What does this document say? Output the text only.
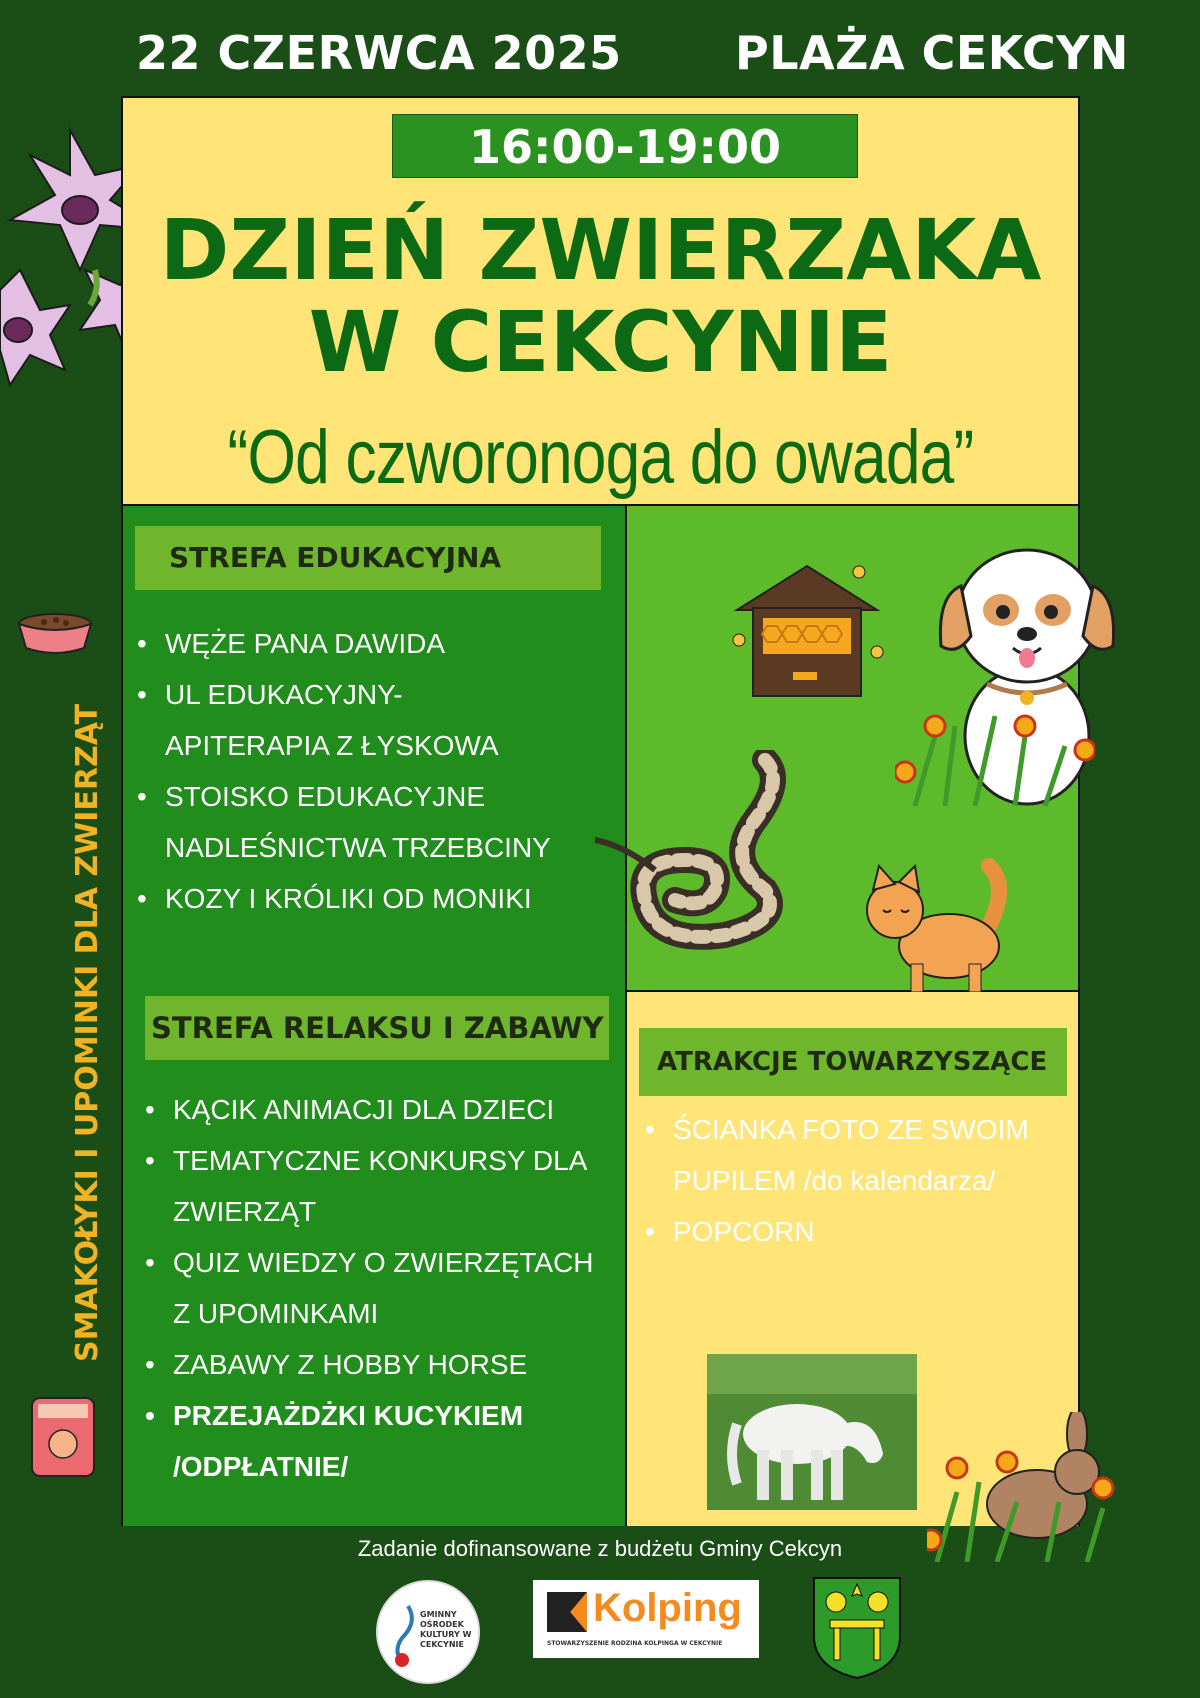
22 CZERWCA 2025 PLAŻA CEKCYN
SMAKOŁYKI I UPOMINKI DLA ZWIERZĄT
16:00-19:00
DZIEŃ ZWIERZAKA
W CEKCYNIE
“Od czworonoga do owada”
STREFA EDUKACYJNA
• WĘŻE PANA DAWIDA
• UL EDUKACYJNY-
APITERAPIA Z ŁYSKOWA
• STOISKO EDUKACYJNE
NADLEŚNICTWA TRZEBCINY
• KOZY I KRÓLIKI OD MONIKI
STREFA RELAKSU I ZABAWY
• KĄCIK ANIMACJI DLA DZIECI
• TEMATYCZNE KONKURSY DLA
ZWIERZĄT
• QUIZ WIEDZY O ZWIERZĘTACH
Z UPOMINKAMI
• ZABAWY Z HOBBY HORSE
• PRZEJAŻDŻKI KUCYKIEM
/ODPŁATNIE/
ATRAKCJE TOWARZYSZĄCE
• ŚCIANKA FOTO ZE SWOIM
PUPILEM /do kalendarza/
• POPCORN
Zadanie dofinansowane z budżetu Gminy Cekcyn
GMINNY OŚRODEK KULTURY W CEKCYNIE
Kolping
STOWARZYSZENIE RODZINA KOLPINGA W CEKCYNIE
